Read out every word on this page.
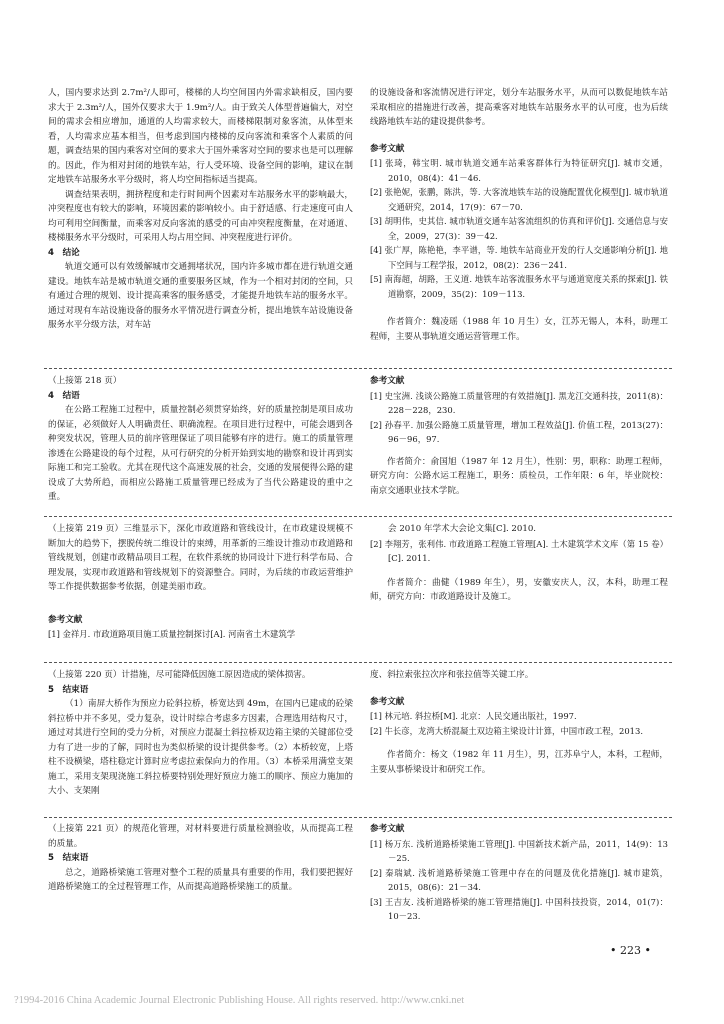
人，国内要求达到 2.7m²/人即可，楼梯的人均空间国内外需求缺相反，国内要求大于 2.3m²/人，国外仅要求大于 1.9m²/人。由于致关人体型普遍偏大，对空间的需求会相应增加，通道的人均需求较大，而楼梯限制对象客流，从体型来看，人均需求应基本相当，但考虑到国内楼梯的反向客流和乘客个人素质的问题，调查结果的国内乘客对空间的要求大于国外乘客对空间的要求也是可以理解的。因此，作为相对封闭的地铁车站，行人受环境、设备空间的影响，建议在制定地铁车站服务水平分级时，将人均空间指标适当提高。

调查结果表明，拥挤程度和走行时间两个因素对车站服务水平的影响最大，冲突程度也有较大的影响，环境因素的影响较小。由于舒适感、行走速度可由人均可利用空间衡量，而乘客对反向客流的感受的可由冲突程度衡量，在对通道、楼梯服务水平分级时，可采用人均占用空间、冲突程度进行评价。

4　结论

轨道交通可以有效缓解城市交通拥堵状况，国内许多城市都在进行轨道交通建设。地铁车站是城市轨道交通的重要服务区域，作为一个相对封闭的空间，只有通过合理的规划、设计提高乘客的服务感受，才能提升地铁车站的服务水平。通过对现有车站设施设备的服务水平情况进行调查分析，提出地铁车站设施设备服务水平分级方法，对车站

的设施设备和客流情况进行评定，划分车站服务水平，从而可以数促地铁车站采取相应的措施进行改善，提高乘客对地铁车站服务水平的认可度，也为后续线路地铁车站的建设提供参考。

参考文献

[1] 张琦，韩宝明. 城市轨道交通车站乘客群体行为特征研究[J]. 城市交通，2010，08(4)：41－46.

[2] 张艳妮，张鹏，陈洪，等. 大客流地铁车站的设施配置优化模型[J]. 城市轨道交通研究，2014，17(9)：67－70.

[3] 胡明伟，史其信. 城市轨道交通车站客流组织的仿真和评价[J]. 交通信息与安全，2009，27(3)：39－42.

[4] 张广厚，陈艳艳，李平谱，等. 地铁车站商业开发的行人交通影响分析[J]. 地下空间与工程学报，2012，08(2)：236－241.

[5] 南海超，胡路，王义道. 地铁车站客流服务水平与通道宽度关系的探索[J]. 铁道勘察，2009，35(2)：109－113.

作者简介：魏凌瑶（1988 年 10 月生）女，江苏无锡人，本科，助理工程师，主要从事轨道交通运营管理工作。

（上接第 218 页）

4　结语

在公路工程施工过程中，质量控制必须贯穿始终，好的质量控制是项目成功的保证，必须做好人人明确责任、职确流程。在项目进行过程中，可能会遇到各种突发状况，管理人员的前序管理保证了项目能够有序的进行。施工的质量管理渗透在公路建设的每个过程，从可行研究的分析开始到实地的勘察和设计再到实际施工和完工验收。尤其在现代这个高速发展的社会，交通的发展便得公路的建设成了大势所趋，而相应公路施工质量管理已经成为了当代公路建设的重中之重。

参考文献

[1] 史宝洲. 浅谈公路施工质量管理的有效措施[J]. 黑龙江交通科技，2011(8)：228－228，230.

[2] 孙春平. 加强公路施工质量管理，增加工程效益[J]. 价值工程，2013(27)：96－96，97.

作者简介：俞国旭（1987 年 12 月生），性别：男，职称：助理工程师，研究方向：公路水运工程施工，职务：质检员，工作年限：6 年，毕业院校：南京交通职业技术学院。

（上接第 219 页）三维显示下，深化市政道路和管线设计，在市政建设规模不断加大的趋势下，摆脱传统二维设计的束缚，用革新的三维设计推动市政道路和管线规划，创建市政精品项目工程，在软件系统的协同设计下进行科学布局、合理发展，实现市政道路和管线规划下的资源整合。同时，为后续的市政运营维护等工作提供数据参考依据，创建美丽市政。

参考文献

[1] 金祥月. 市政道路项目施工质量控制探讨[A]. 河南省土木建筑学

会 2010 年学术大会论文集[C]. 2010.

[2] 李翔芳，张利伟. 市政道路工程施工管理[A]. 土木建筑学术文库（第 15 卷）[C]. 2011.

作者简介：曲健（1989 年生），男，安徽安庆人，汉，本科，助理工程师，研究方向：市政道路设计及施工。

（上接第 220 页）计措施，尽可能降低因施工原因造成的梁体损害。

5　结束语

（1）南屏大桥作为预应力砼斜拉桥，桥宽达到 49m，在国内已建成的砼梁斜拉桥中并不多见，受力复杂，设计时综合考虑多方因素，合理选用结构尺寸，通过对其进行空间的受力分析，对预应力混凝土斜拉桥双边箱主梁的关键部位受力有了进一步的了解，同时也为类似桥梁的设计提供参考。（2）本桥较宽，上塔柱不设横梁，塔柱稳定计算时应考虑拉索保向力的作用。（3）本桥采用满堂支架施工，采用支架现浇施工斜拉桥要特别处理好预应力施工的顺序、预应力施加的大小、支架刚

度、斜拉索张拉次序和张拉值等关键工序。

参考文献

[1] 林元培. 斜拉桥[M]. 北京：人民交通出版社，1997.

[2] 牛长彦，龙湾大桥混凝土双边箱主梁设计计算，中国市政工程，2013.

作者简介：杨文（1982 年 11 月生），男，江苏阜宁人，本科，工程师，主要从事桥梁设计和研究工作。

（上接第 221 页）的规范化管理，对材料要进行质量检测验收，从而提高工程的质量。

5　结束语

总之，道路桥梁施工管理对整个工程的质量具有重要的作用，我们要把握好道路桥梁施工的全过程管理工作，从而提高道路桥梁施工的质量。

参考文献

[1] 杨万东. 浅析道路桥梁施工管理[J]. 中国新技术新产品，2011，14(9)：13－25.

[2] 秦瑞斌. 浅析道路桥梁施工管理中存在的问题及优化措施[J]. 城市建筑，2015，08(6)：21－34.

[3] 王吉友. 浅析道路桥梁的施工管理措施[J]. 中国科技投资，2014，01(7)：10－23.

• 223 •
?1994-2016 China Academic Journal Electronic Publishing House. All rights reserved. http://www.cnki.net
